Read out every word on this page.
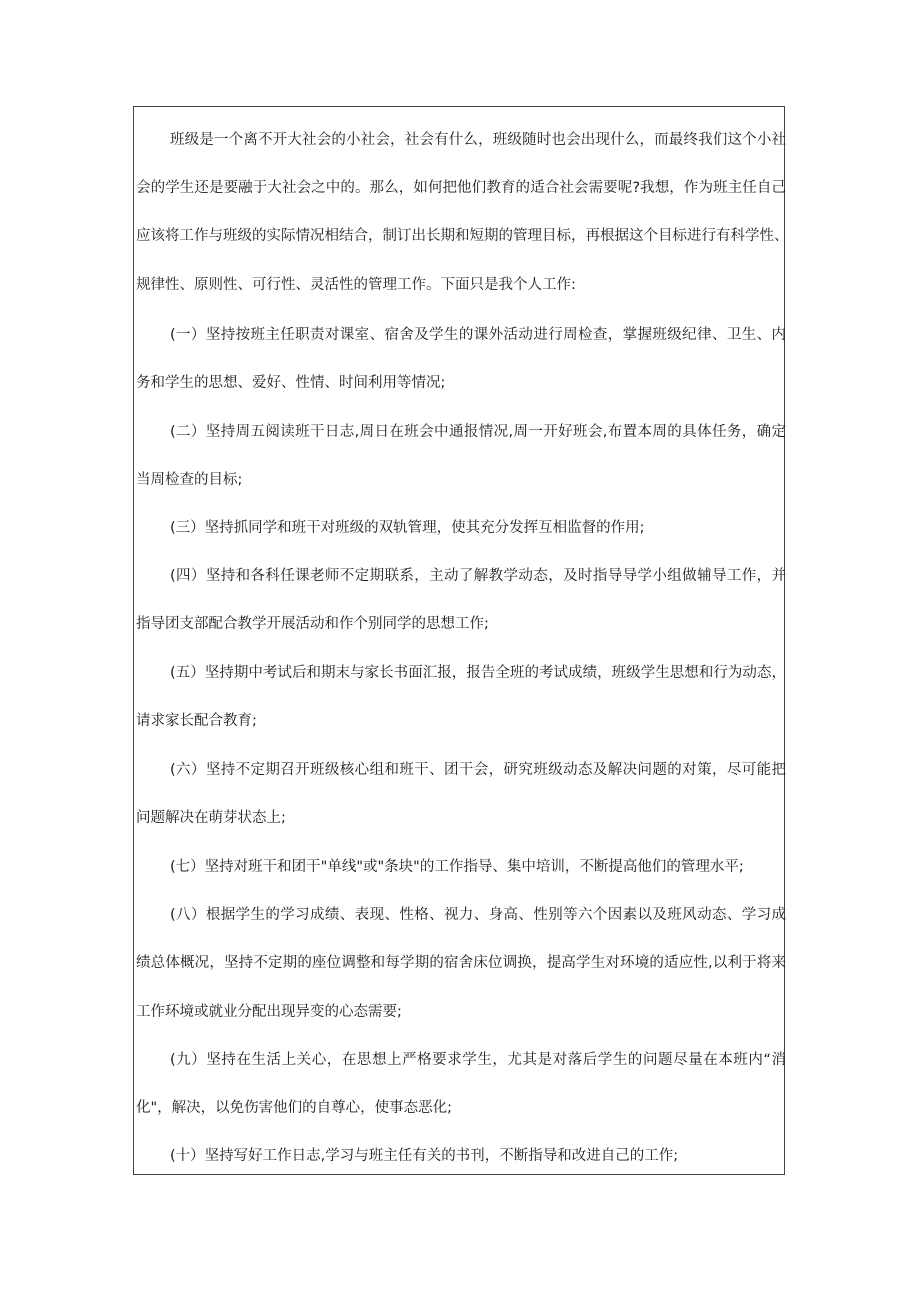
班级是一个离不开大社会的小社会，社会有什么，班级随时也会出现什么，而最终我们这个小社
会的学生还是要融于大社会之中的。那么，如何把他们教育的适合社会需要呢?我想，作为班主任自己
应该将工作与班级的实际情况相结合，制订出长期和短期的管理目标，再根据这个目标进行有科学性、
规律性、原则性、可行性、灵活性的管理工作。下面只是我个人工作:
(一）坚持按班主任职责对课室、宿舍及学生的课外活动进行周检查，掌握班级纪律、卫生、内
务和学生的思想、爱好、性情、时间利用等情况;
(二）坚持周五阅读班干日志,周日在班会中通报情况,周一开好班会,布置本周的具体任务，确定
当周检查的目标;
(三）坚持抓同学和班干对班级的双轨管理，使其充分发挥互相监督的作用;
(四）坚持和各科任课老师不定期联系，主动了解教学动态，及时指导导学小组做辅导工作，并
指导团支部配合教学开展活动和作个别同学的思想工作;
(五）坚持期中考试后和期末与家长书面汇报，报告全班的考试成绩，班级学生思想和行为动态，
请求家长配合教育;
(六）坚持不定期召开班级核心组和班干、团干会，研究班级动态及解决问题的对策，尽可能把
问题解决在萌芽状态上;
(七）坚持对班干和团干"单线"或"条块"的工作指导、集中培训，不断提高他们的管理水平;
(八）根据学生的学习成绩、表现、性格、视力、身高、性别等六个因素以及班风动态、学习成
绩总体概况，坚持不定期的座位调整和每学期的宿舍床位调换，提高学生对环境的适应性,以利于将来
工作环境或就业分配出现异变的心态需要;
(九）坚持在生活上关心，在思想上严格要求学生，尤其是对落后学生的问题尽量在本班内“消
化"，解决，以免伤害他们的自尊心，使事态恶化;
(十）坚持写好工作日志,学习与班主任有关的书刊，不断指导和改进自己的工作;
